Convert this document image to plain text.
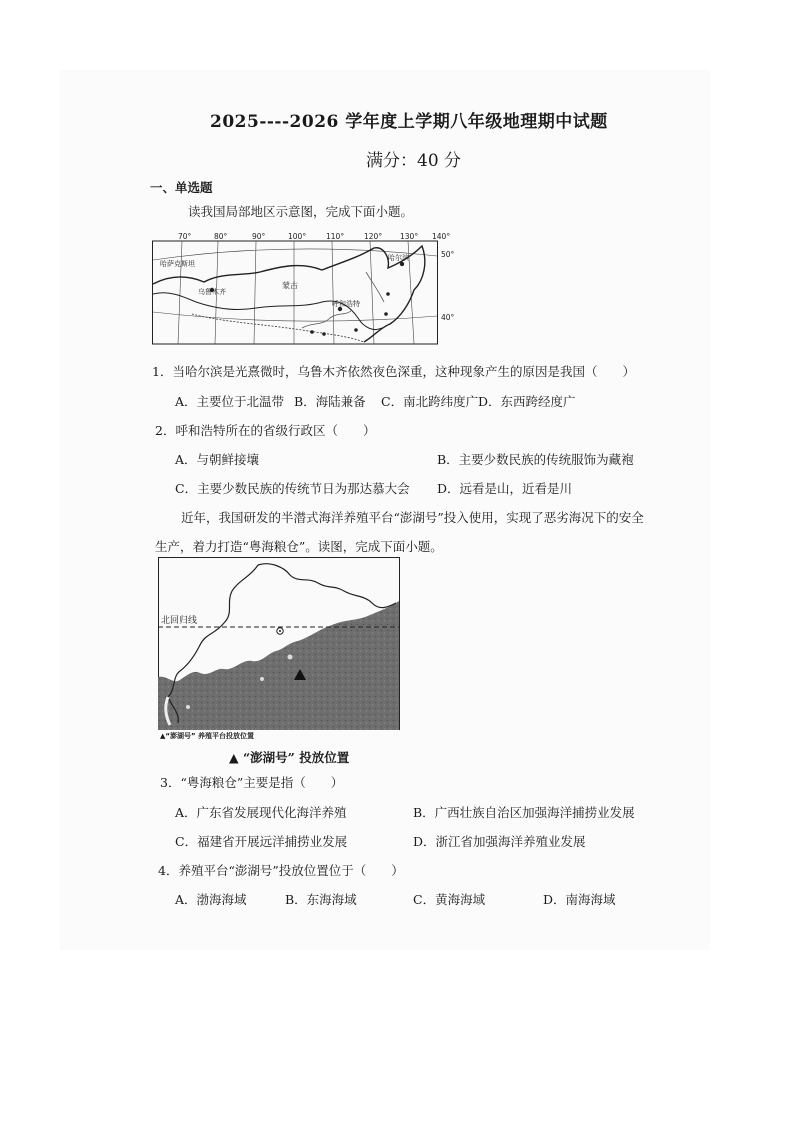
2025----2026 学年度上学期八年级地理期中试题
满分：40 分
一、单选题
读我国局部地区示意图，完成下面小题。
70°	80°	90°	100°	110°	120° 130° 140°
50°
40°
哈萨克斯坦
乌鲁木齐
蒙古
哈尔滨
呼和浩特
1．当哈尔滨是光熹微时，乌鲁木齐依然夜色深重，这种现象产生的原因是我国（　　）
A．主要位于北温带 B．海陆兼备 C．南北跨纬度广 D．东西跨经度广
2．呼和浩特所在的省级行政区（　　）
A．与朝鲜接壤	B．主要少数民族的传统服饰为藏袍
C．主要少数民族的传统节日为那达慕大会 D．远看是山，近看是川
近年，我国研发的半潜式海洋养殖平台“澎湖号”投入使用，实现了恶劣海况下的安全
生产，着力打造“粤海粮仓”。读图，完成下面小题。
北回归线
▲“澎湖号” 养殖平台投放位置
▲ “澎湖号” 投放位置
3．“粤海粮仓”主要是指（　　）
A．广东省发展现代化海洋养殖	B．广西壮族自治区加强海洋捕捞业发展
C．福建省开展远洋捕捞业发展	D．浙江省加强海洋养殖业发展
4．养殖平台“澎湖号”投放位置位于（　　）
A．渤海海域	B．东海海域	C．黄海海域	D．南海海域
